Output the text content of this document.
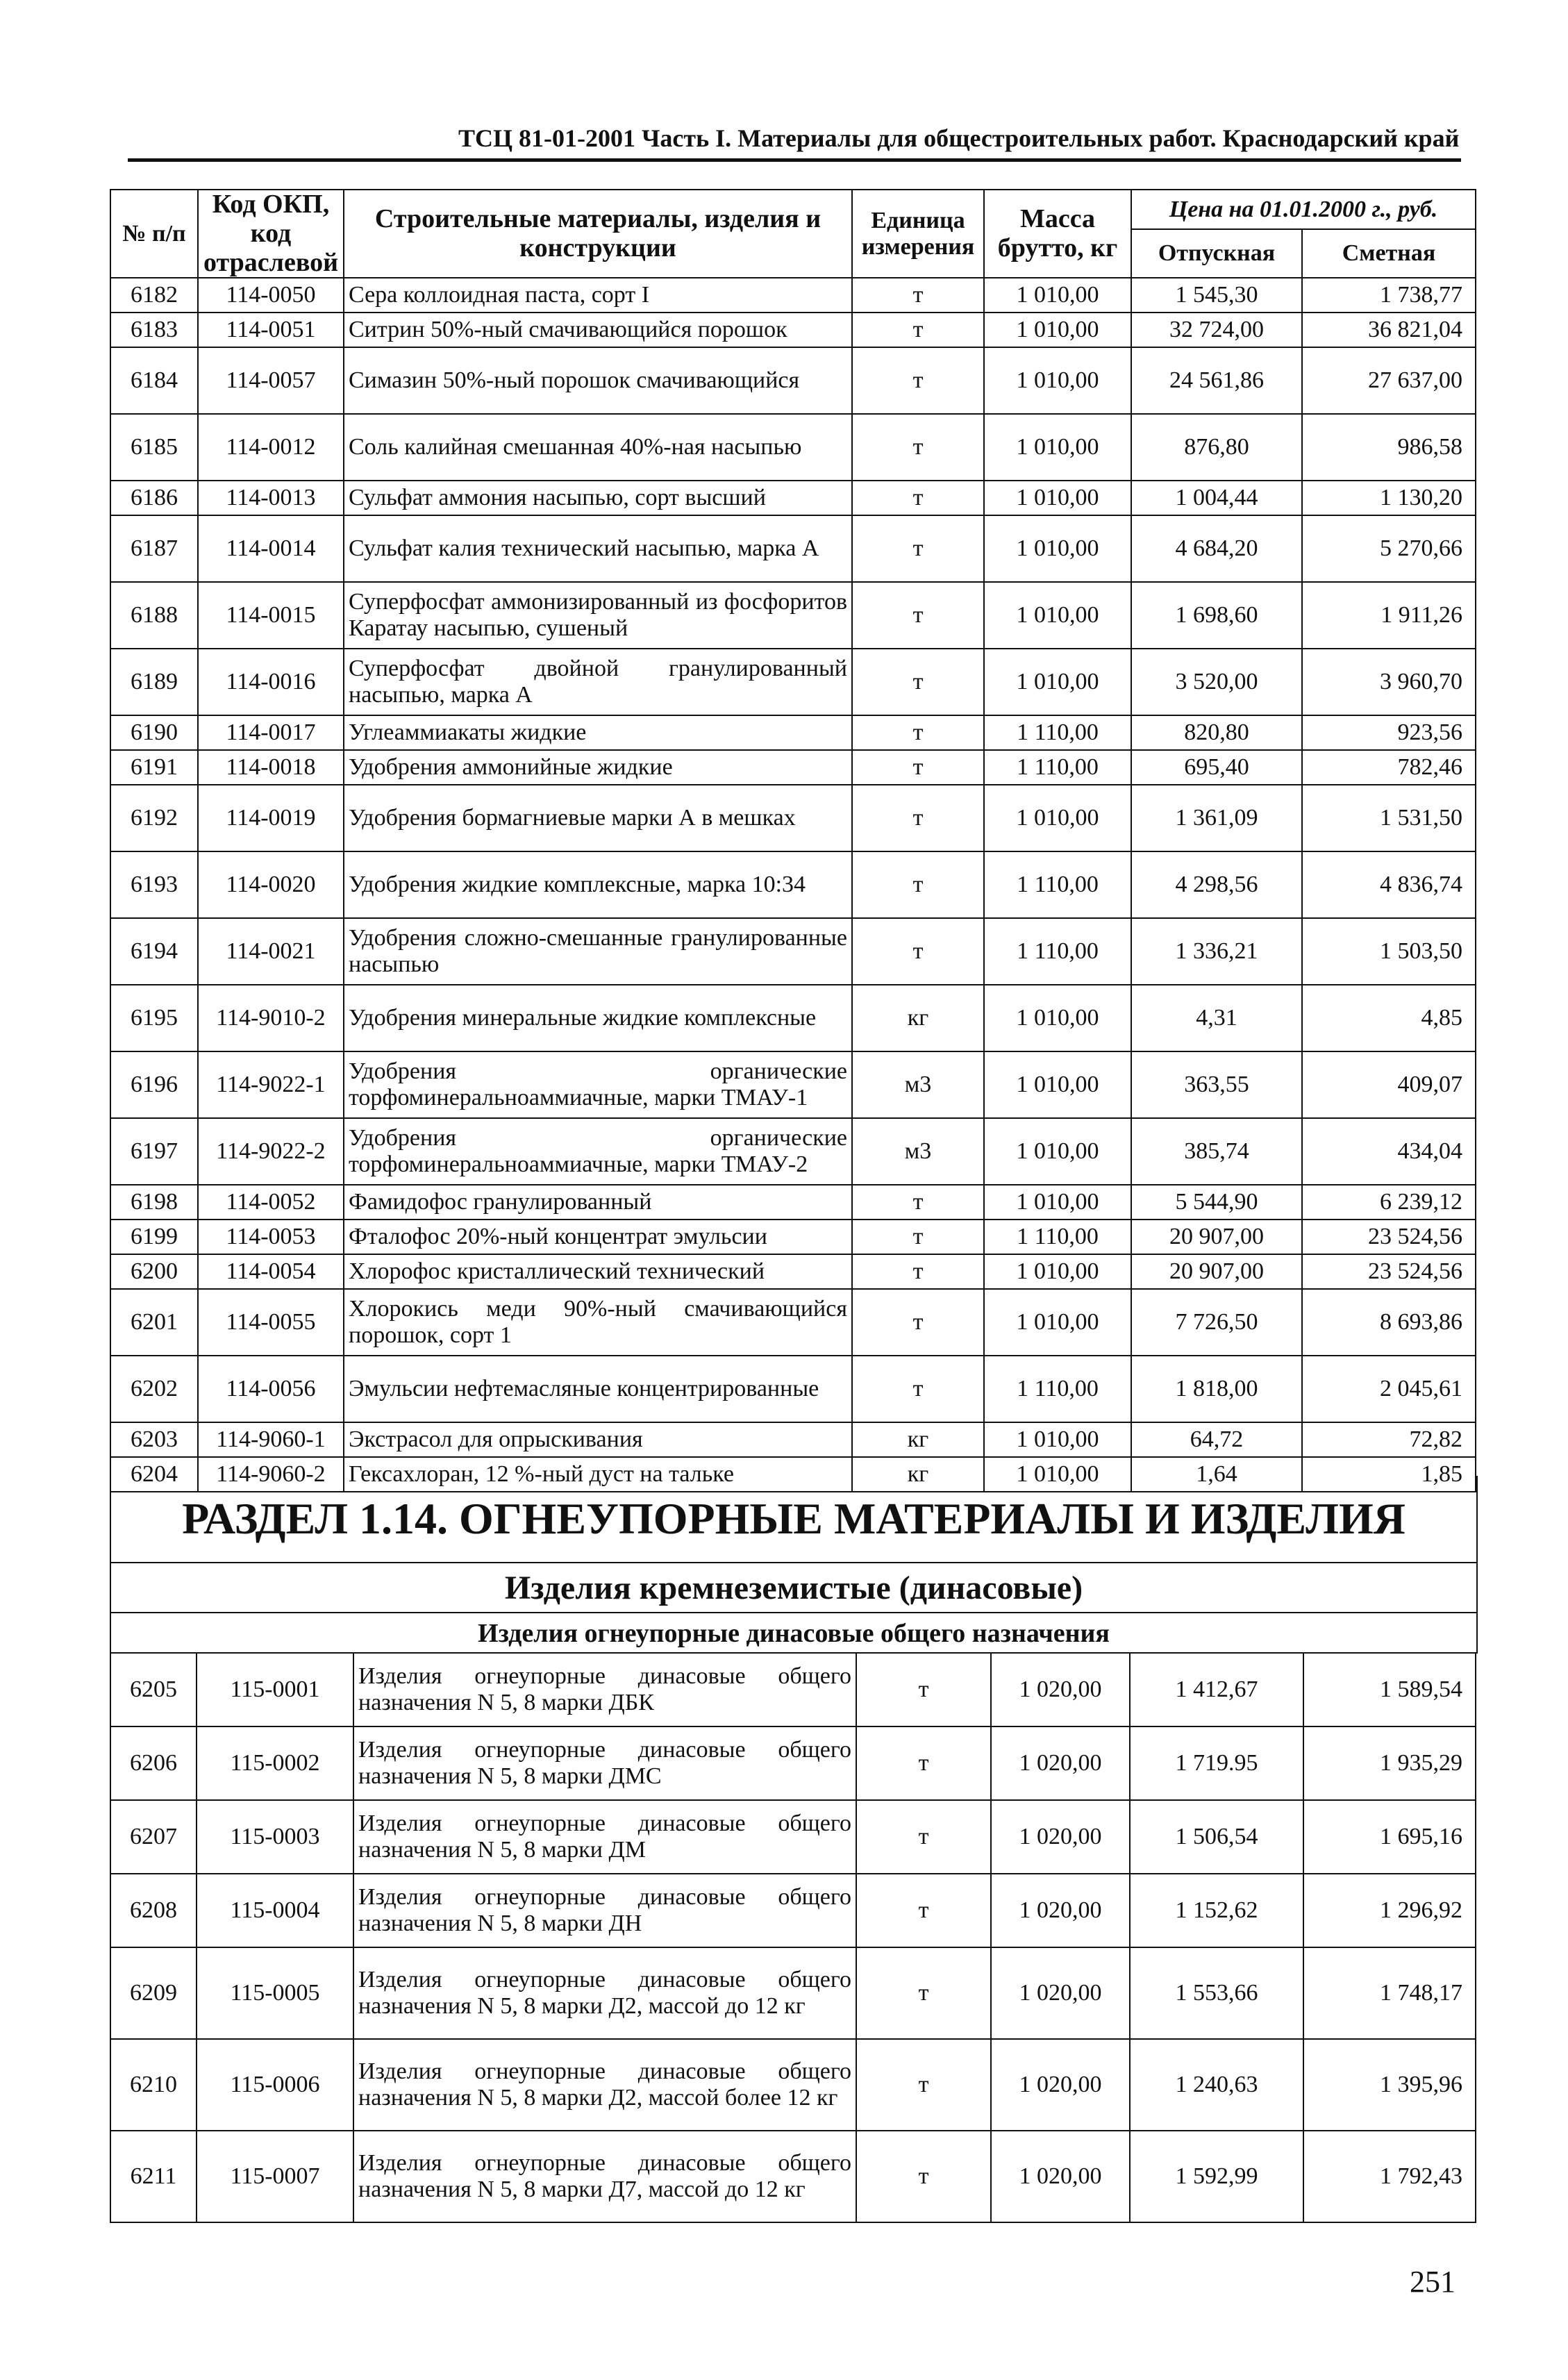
ТСЦ 81-01-2001 Часть I. Материалы для общестроительных работ. Краснодарский край
№ п/п	Код ОКП, код отраслевой	Строительные материалы, изделия и конструкции	Единица измерения	Масса брутто, кг	Цена на 01.01.2000 г., руб.	
					Отпускная	Сметная
6182	114-0050	Сера коллоидная паста, сорт I	т	1 010,00	1 545,30	1 738,77
6183	114-0051	Ситрин 50%-ный смачивающийся порошок	т	1 010,00	32 724,00	36 821,04
6184	114-0057	Симазин 50%-ный порошок смачивающийся	т	1 010,00	24 561,86	27 637,00
6185	114-0012	Соль калийная смешанная 40%-ная насыпью	т	1 010,00	876,80	986,58
6186	114-0013	Сульфат аммония насыпью, сорт высший	т	1 010,00	1 004,44	1 130,20
6187	114-0014	Сульфат калия технический насыпью, марка А	т	1 010,00	4 684,20	5 270,66
6188	114-0015	Суперфосфат аммонизированный из фосфоритов Каратау насыпью, сушеный	т	1 010,00	1 698,60	1 911,26
6189	114-0016	Суперфосфат двойной гранулированный насыпью, марка А	т	1 010,00	3 520,00	3 960,70
6190	114-0017	Углеаммиакаты жидкие	т	1 110,00	820,80	923,56
6191	114-0018	Удобрения аммонийные жидкие	т	1 110,00	695,40	782,46
6192	114-0019	Удобрения бормагниевые марки А в мешках	т	1 010,00	1 361,09	1 531,50
6193	114-0020	Удобрения жидкие комплексные, марка 10:34	т	1 110,00	4 298,56	4 836,74
6194	114-0021	Удобрения сложно-смешанные гранулированные насыпью	т	1 110,00	1 336,21	1 503,50
6195	114-9010-2	Удобрения минеральные жидкие комплексные	кг	1 010,00	4,31	4,85
6196	114-9022-1	Удобрения органические торфоминеральноаммиачные, марки ТМАУ-1	м3	1 010,00	363,55	409,07
6197	114-9022-2	Удобрения органические торфоминеральноаммиачные, марки ТМАУ-2	м3	1 010,00	385,74	434,04
6198	114-0052	Фамидофос гранулированный	т	1 010,00	5 544,90	6 239,12
6199	114-0053	Фталофос 20%-ный концентрат эмульсии	т	1 110,00	20 907,00	23 524,56
6200	114-0054	Хлорофос кристаллический технический	т	1 010,00	20 907,00	23 524,56
6201	114-0055	Хлорокись меди 90%-ный смачивающийся порошок, сорт 1	т	1 010,00	7 726,50	8 693,86
6202	114-0056	Эмульсии нефтемасляные концентрированные	т	1 110,00	1 818,00	2 045,61
6203	114-9060-1	Экстрасол для опрыскивания	кг	1 010,00	64,72	72,82
6204	114-9060-2	Гексахлоран, 12 %-ный дуст на тальке	кг	1 010,00	1,64	1,85
РАЗДЕЛ 1.14. ОГНЕУПОРНЫЕ МАТЕРИАЛЫ И ИЗДЕЛИЯ
Изделия кремнеземистые (динасовые)
Изделия огнеупорные динасовые общего назначения
6205	115-0001	Изделия огнеупорные динасовые общего назначения N 5, 8 марки ДБК	т	1 020,00	1 412,67	1 589,54
6206	115-0002	Изделия огнеупорные динасовые общего назначения N 5, 8 марки ДМС	т	1 020,00	1 719.95	1 935,29
6207	115-0003	Изделия огнеупорные динасовые общего назначения N 5, 8 марки ДМ	т	1 020,00	1 506,54	1 695,16
6208	115-0004	Изделия огнеупорные динасовые общего назначения N 5, 8 марки ДН	т	1 020,00	1 152,62	1 296,92
6209	115-0005	Изделия огнеупорные динасовые общего назначения N 5, 8 марки Д2, массой до 12 кг	т	1 020,00	1 553,66	1 748,17
6210	115-0006	Изделия огнеупорные динасовые общего назначения N 5, 8 марки Д2, массой более 12 кг	т	1 020,00	1 240,63	1 395,96
6211	115-0007	Изделия огнеупорные динасовые общего назначения N 5, 8 марки Д7, массой до 12 кг	т	1 020,00	1 592,99	1 792,43
251
